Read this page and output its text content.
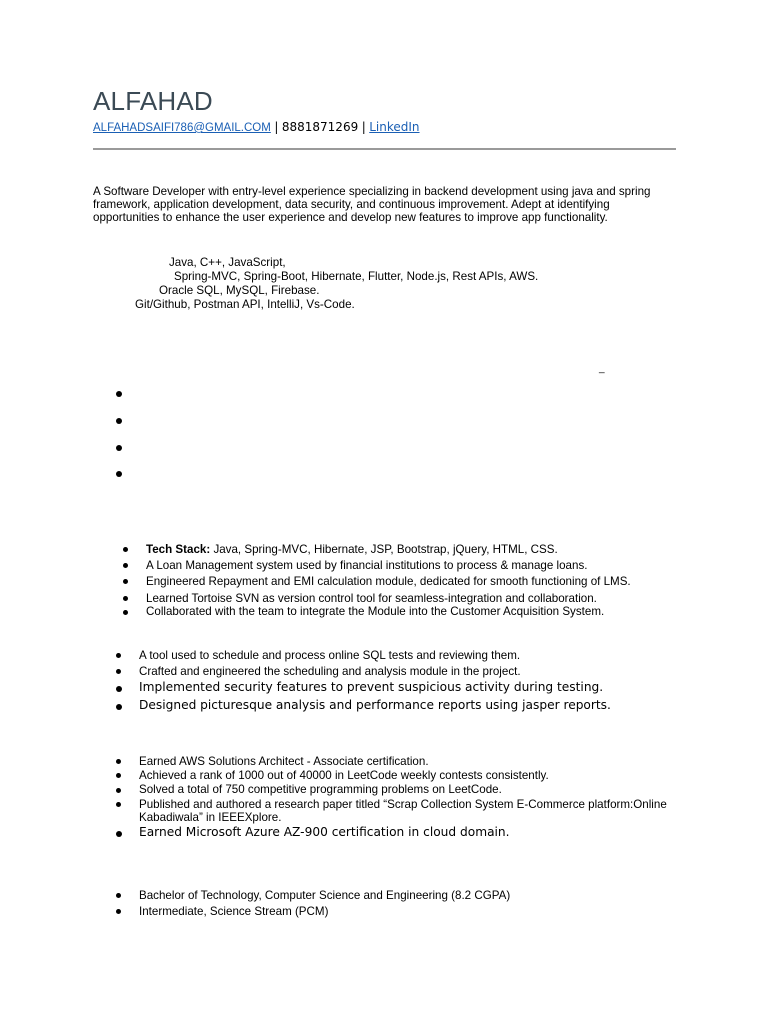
ALFAHAD
ALFAHADSAIFI786@GMAIL.COM | 8881871269 | LinkedIn
A Software Developer with entry-level experience specializing in backend development using java and spring framework, application development, data security, and continuous improvement. Adept at identifying opportunities to enhance the user experience and develop new features to improve app functionality.
Java, C++, JavaScript,
Spring-MVC, Spring-Boot, Hibernate, Flutter, Node.js, Rest APIs, AWS.
Oracle SQL, MySQL, Firebase.
Git/Github, Postman API, IntelliJ, Vs-Code.
_
Tech Stack: Java, Spring-MVC, Hibernate, JSP, Bootstrap, jQuery, HTML, CSS.
A Loan Management system used by financial institutions to process & manage loans.
Engineered Repayment and EMI calculation module, dedicated for smooth functioning of LMS.
Learned Tortoise SVN as version control tool for seamless-integration and collaboration.
Collaborated with the team to integrate the Module into the Customer Acquisition System.
A tool used to schedule and process online SQL tests and reviewing them.
Crafted and engineered the scheduling and analysis module in the project.
Implemented security features to prevent suspicious activity during testing.
Designed picturesque analysis and performance reports using jasper reports.
Earned AWS Solutions Architect - Associate certification.
Achieved a rank of 1000 out of 40000 in LeetCode weekly contests consistently.
Solved a total of 750 competitive programming problems on LeetCode.
Published and authored a research paper titled “Scrap Collection System E-Commerce platform:Online Kabadiwala” in IEEEXplore.
Earned Microsoft Azure AZ-900 certification in cloud domain.
Bachelor of Technology, Computer Science and Engineering (8.2 CGPA)
Intermediate, Science Stream (PCM)
